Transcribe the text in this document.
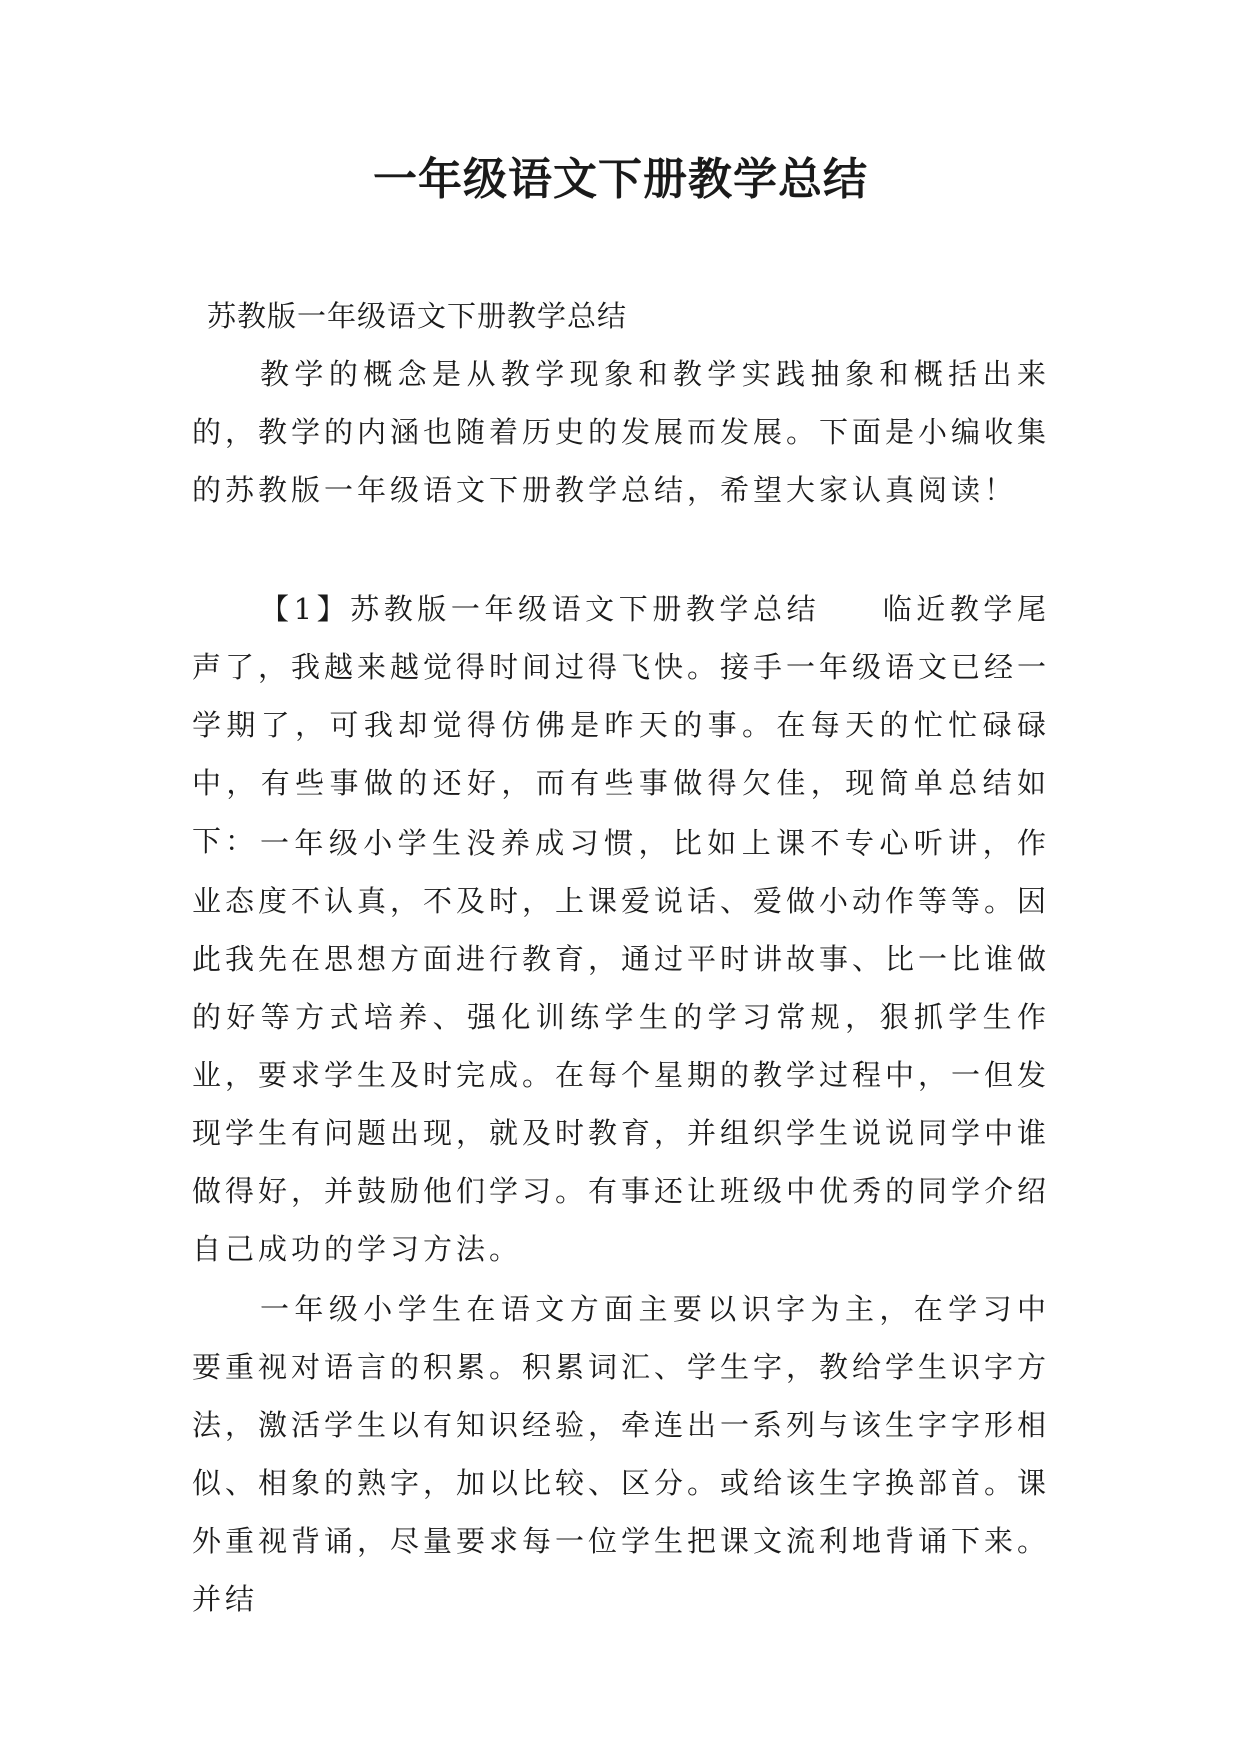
一年级语文下册教学总结

苏教版一年级语文下册教学总结

教学的概念是从教学现象和教学实践抽象和概括出来的，教学的内涵也随着历史的发展而发展。下面是小编收集的苏教版一年级语文下册教学总结，希望大家认真阅读！

【1】苏教版一年级语文下册教学总结 临近教学尾声了，我越来越觉得时间过得飞快。接手一年级语文已经一学期了，可我却觉得仿佛是昨天的事。在每天的忙忙碌碌中，有些事做的还好，而有些事做得欠佳，现简单总结如下： 一年级小学生没养成习惯，比如上课不专心听讲，作业态度不认真，不及时，上课爱说话、爱做小动作等等。因此我先在思想方面进行教育，通过平时讲故事、比一比谁做的好等方式培养、强化训练学生的学习常规，狠抓学生作业，要求学生及时完成。在每个星期的教学过程中，一但发现学生有问题出现，就及时教育，并组织学生说说同学中谁做得好，并鼓励他们学习。有事还让班级中优秀的同学介绍自己成功的学习方法。

一年级小学生在语文方面主要以识字为主，在学习中要重视对语言的积累。积累词汇、学生字，教给学生识字方法，激活学生以有知识经验，牵连出一系列与该生字字形相似、相象的熟字，加以比较、区分。或给该生字换部首。课外重视背诵，尽量要求每一位学生把课文流利地背诵下来。并结
